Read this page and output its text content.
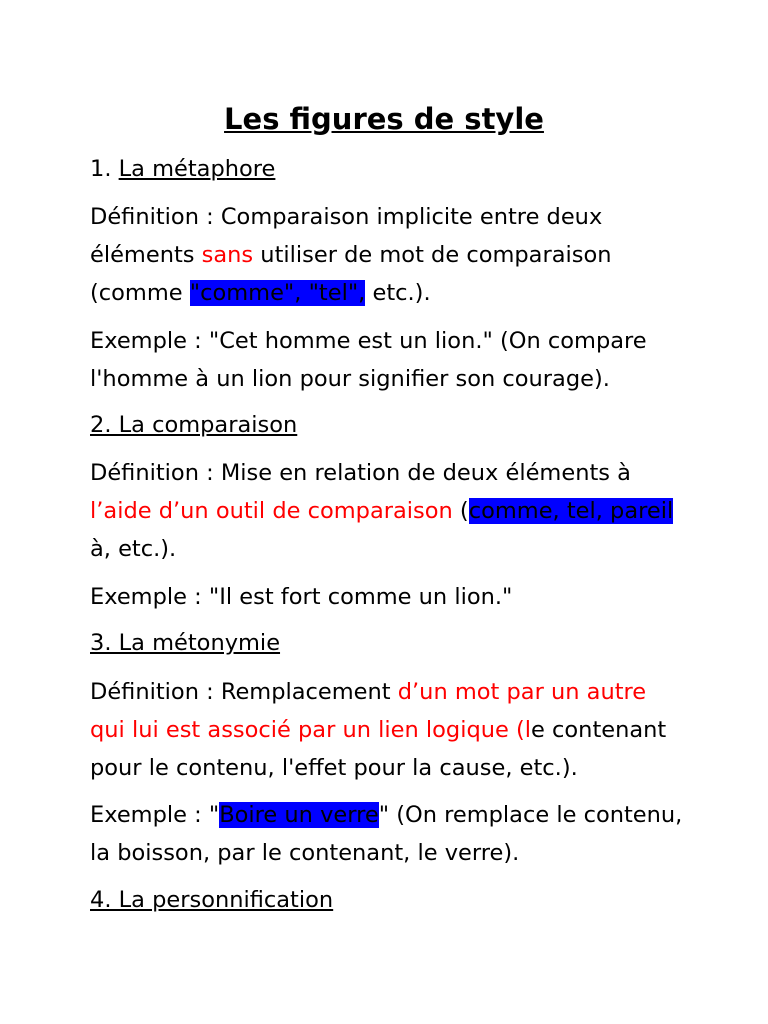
Les figures de style

1. La métaphore

Définition : Comparaison implicite entre deux
éléments sans utiliser de mot de comparaison
(comme "comme", "tel", etc.).

Exemple : "Cet homme est un lion." (On compare
l'homme à un lion pour signifier son courage).

2. La comparaison

Définition : Mise en relation de deux éléments à
l’aide d’un outil de comparaison (comme, tel, pareil
à, etc.).

Exemple : "Il est fort comme un lion."

3. La métonymie

Définition : Remplacement d’un mot par un autre
qui lui est associé par un lien logique (le contenant
pour le contenu, l'effet pour la cause, etc.).

Exemple : "Boire un verre" (On remplace le contenu,
la boisson, par le contenant, le verre).

4. La personnification
